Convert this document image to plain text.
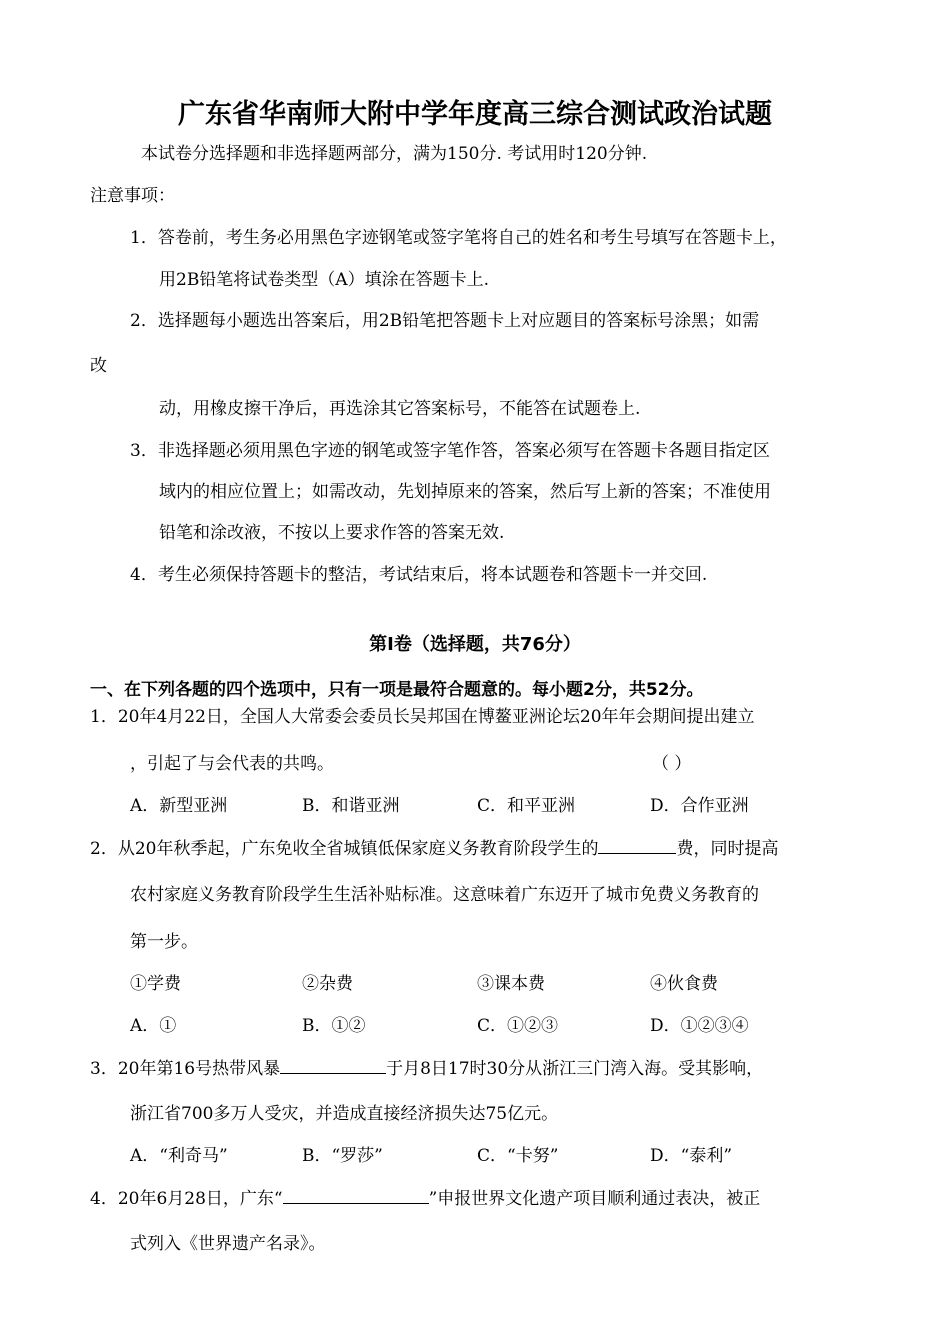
广东省华南师大附中学年度高三综合测试政治试题
本试卷分选择题和非选择题两部分，满为150分. 考试用时120分钟.
注意事项：
1．答卷前，考生务必用黑色字迹钢笔或签字笔将自己的姓名和考生号填写在答题卡上，
用2B铅笔将试卷类型（A）填涂在答题卡上.
2．选择题每小题选出答案后，用2B铅笔把答题卡上对应题目的答案标号涂黑；如需
改
动，用橡皮擦干净后，再选涂其它答案标号，不能答在试题卷上.
3．非选择题必须用黑色字迹的钢笔或签字笔作答，答案必须写在答题卡各题目指定区
域内的相应位置上；如需改动，先划掉原来的答案，然后写上新的答案；不准使用
铅笔和涂改液，不按以上要求作答的答案无效.
4．考生必须保持答题卡的整洁，考试结束后，将本试题卷和答题卡一并交回.
第Ⅰ卷（选择题，共76分）
一、在下列各题的四个选项中，只有一项是最符合题意的。每小题2分，共52分。
1．20年4月22日，全国人大常委会委员长吴邦国在博鳌亚洲论坛20年年会期间提出建立
，引起了与会代表的共鸣。	（ ）
A．新型亚洲	B．和谐亚洲	C．和平亚洲	D．合作亚洲
2．从20年秋季起，广东免收全省城镇低保家庭义务教育阶段学生的	费，同时提高
农村家庭义务教育阶段学生生活补贴标准。这意味着广东迈开了城市免费义务教育的
第一步。
①学费	②杂费	③课本费	④伙食费
A．①	B．①②	C．①②③	D．①②③④
3．20年第16号热带风暴	于月8日17时30分从浙江三门湾入海。受其影响，
浙江省700多万人受灾，并造成直接经济损失达75亿元。
A．“利奇马”	B．“罗莎”	C．“卡努”	D．“泰利”
4．20年6月28日，广东“	”申报世界文化遗产项目顺利通过表决，被正
式列入《世界遗产名录》。
